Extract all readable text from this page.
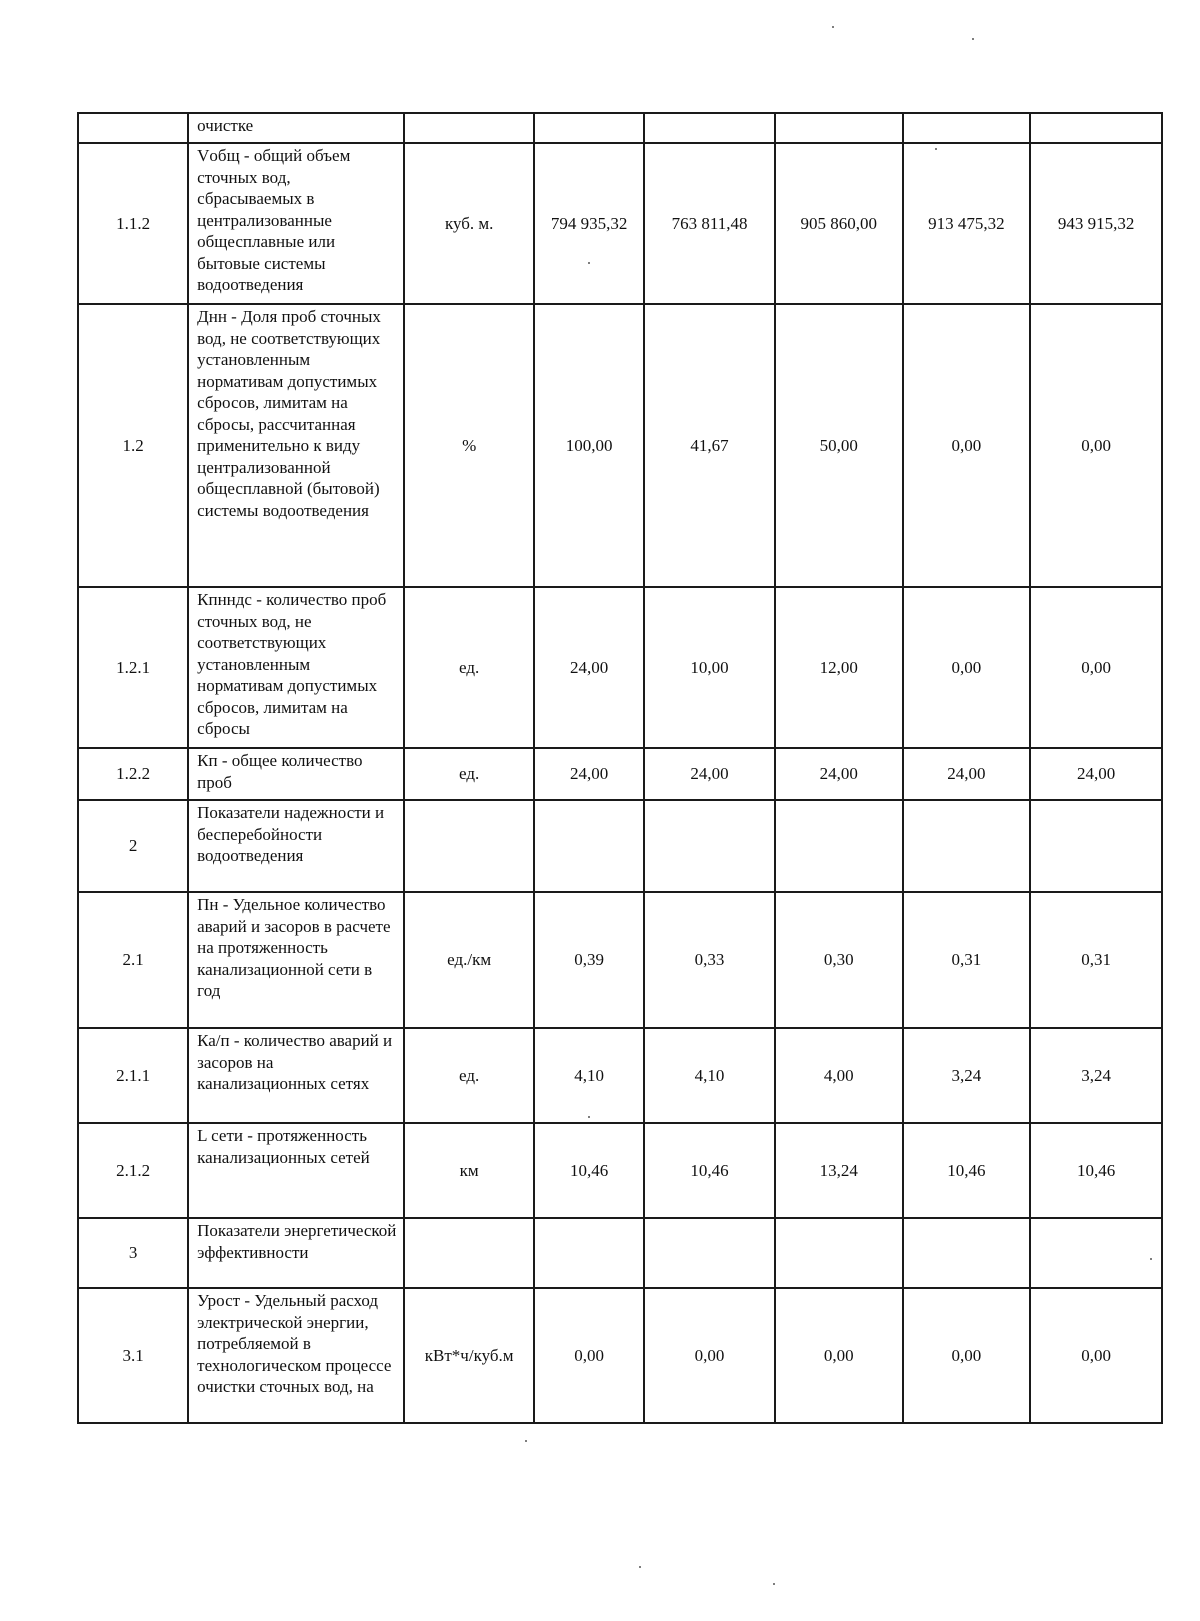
	очистке						
1.1.2	Vобщ - общий объем сточных вод, сбрасываемых в централизованные общесплавные или бытовые системы водоотведения	куб. м.	794 935,32	763 811,48	905 860,00	913 475,32	943 915,32
1.2	Днн - Доля проб сточных вод, не соответствующих установленным нормативам допустимых сбросов, лимитам на сбросы, рассчитанная применительно к виду централизованной общесплавной (бытовой) системы водоотведения	%	100,00	41,67	50,00	0,00	0,00
1.2.1	Кпнндс - количество проб сточных вод, не соответствующих установленным нормативам допустимых сбросов, лимитам на сбросы	ед.	24,00	10,00	12,00	0,00	0,00
1.2.2	Кп - общее количество проб	ед.	24,00	24,00	24,00	24,00	24,00
2	Показатели надежности и бесперебойности водоотведения						
2.1	Пн - Удельное количество аварий и засоров в расчете на протяженность канализационной сети в год	ед./км	0,39	0,33	0,30	0,31	0,31
2.1.1	Ка/п - количество аварий и засоров на канализационных сетях	ед.	4,10	4,10	4,00	3,24	3,24
2.1.2	L сети - протяженность канализационных сетей	км	10,46	10,46	13,24	10,46	10,46
3	Показатели энергетической эффективности						
3.1	Урост - Удельный расход электрической энергии, потребляемой в технологическом процессе очистки сточных вод, на	кВт*ч/куб.м	0,00	0,00	0,00	0,00	0,00
